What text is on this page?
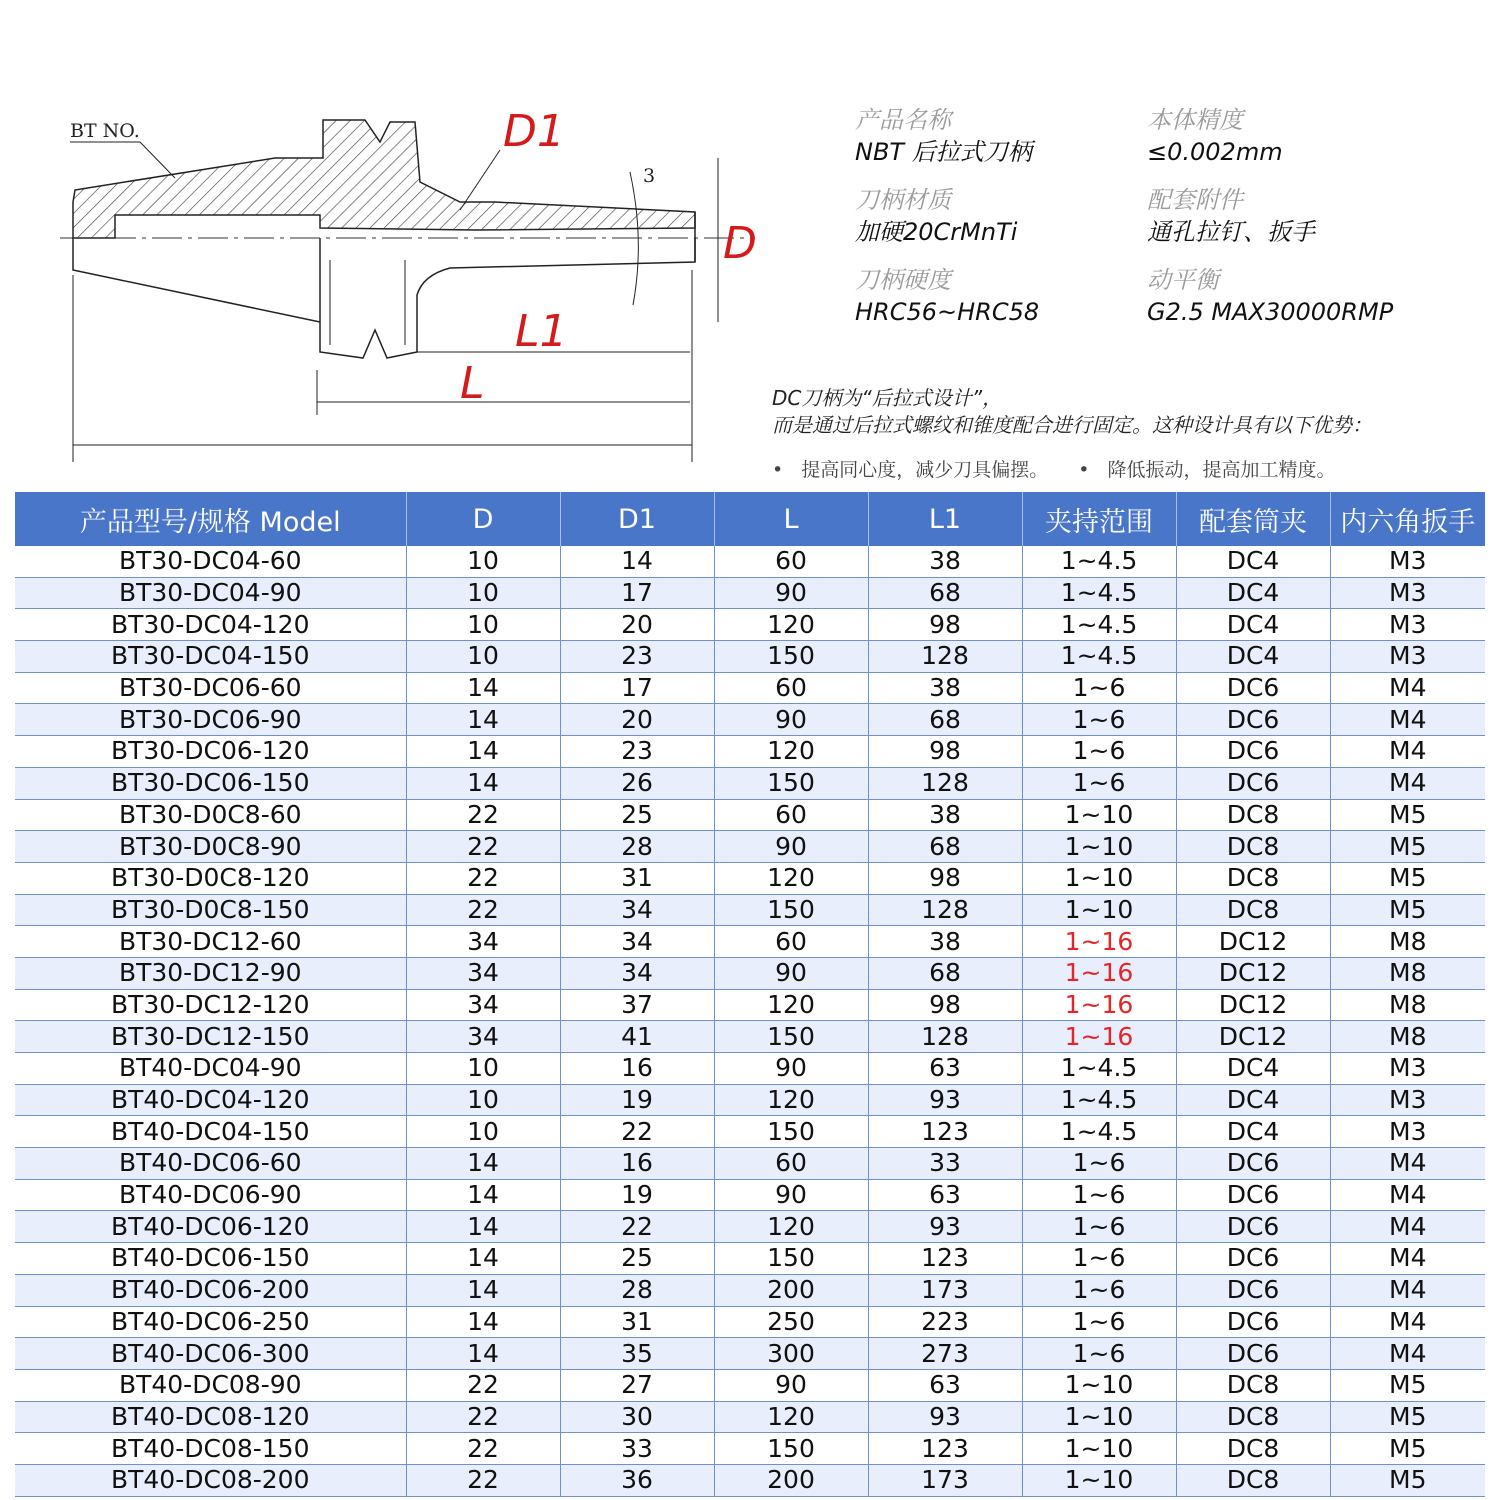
BT NO.
3
D1
D
L1
L
产品名称
NBT 后拉式刀柄
本体精度
≤0.002mm
刀柄材质
加硬20CrMnTi
配套附件
通孔拉钉、扳手
刀柄硬度
HRC56~HRC58
动平衡
G2.5 MAX30000RMP
DC刀柄为“后拉式设计”，
而是通过后拉式螺纹和锥度配合进行固定。这种设计具有以下优势：
• 提高同心度，减少刀具偏摆。	• 降低振动，提高加工精度。
产品型号/规格 Model	D	D1	L	L1	夹持范围	配套筒夹	内六角扳手
BT30-DC04-60	10	14	60	38	1~4.5	DC4	M3
BT30-DC04-90	10	17	90	68	1~4.5	DC4	M3
BT30-DC04-120	10	20	120	98	1~4.5	DC4	M3
BT30-DC04-150	10	23	150	128	1~4.5	DC4	M3
BT30-DC06-60	14	17	60	38	1~6	DC6	M4
BT30-DC06-90	14	20	90	68	1~6	DC6	M4
BT30-DC06-120	14	23	120	98	1~6	DC6	M4
BT30-DC06-150	14	26	150	128	1~6	DC6	M4
BT30-D0C8-60	22	25	60	38	1~10	DC8	M5
BT30-D0C8-90	22	28	90	68	1~10	DC8	M5
BT30-D0C8-120	22	31	120	98	1~10	DC8	M5
BT30-D0C8-150	22	34	150	128	1~10	DC8	M5
BT30-DC12-60	34	34	60	38	1~16	DC12	M8
BT30-DC12-90	34	34	90	68	1~16	DC12	M8
BT30-DC12-120	34	37	120	98	1~16	DC12	M8
BT30-DC12-150	34	41	150	128	1~16	DC12	M8
BT40-DC04-90	10	16	90	63	1~4.5	DC4	M3
BT40-DC04-120	10	19	120	93	1~4.5	DC4	M3
BT40-DC04-150	10	22	150	123	1~4.5	DC4	M3
BT40-DC06-60	14	16	60	33	1~6	DC6	M4
BT40-DC06-90	14	19	90	63	1~6	DC6	M4
BT40-DC06-120	14	22	120	93	1~6	DC6	M4
BT40-DC06-150	14	25	150	123	1~6	DC6	M4
BT40-DC06-200	14	28	200	173	1~6	DC6	M4
BT40-DC06-250	14	31	250	223	1~6	DC6	M4
BT40-DC06-300	14	35	300	273	1~6	DC6	M4
BT40-DC08-90	22	27	90	63	1~10	DC8	M5
BT40-DC08-120	22	30	120	93	1~10	DC8	M5
BT40-DC08-150	22	33	150	123	1~10	DC8	M5
BT40-DC08-200	22	36	200	173	1~10	DC8	M5
